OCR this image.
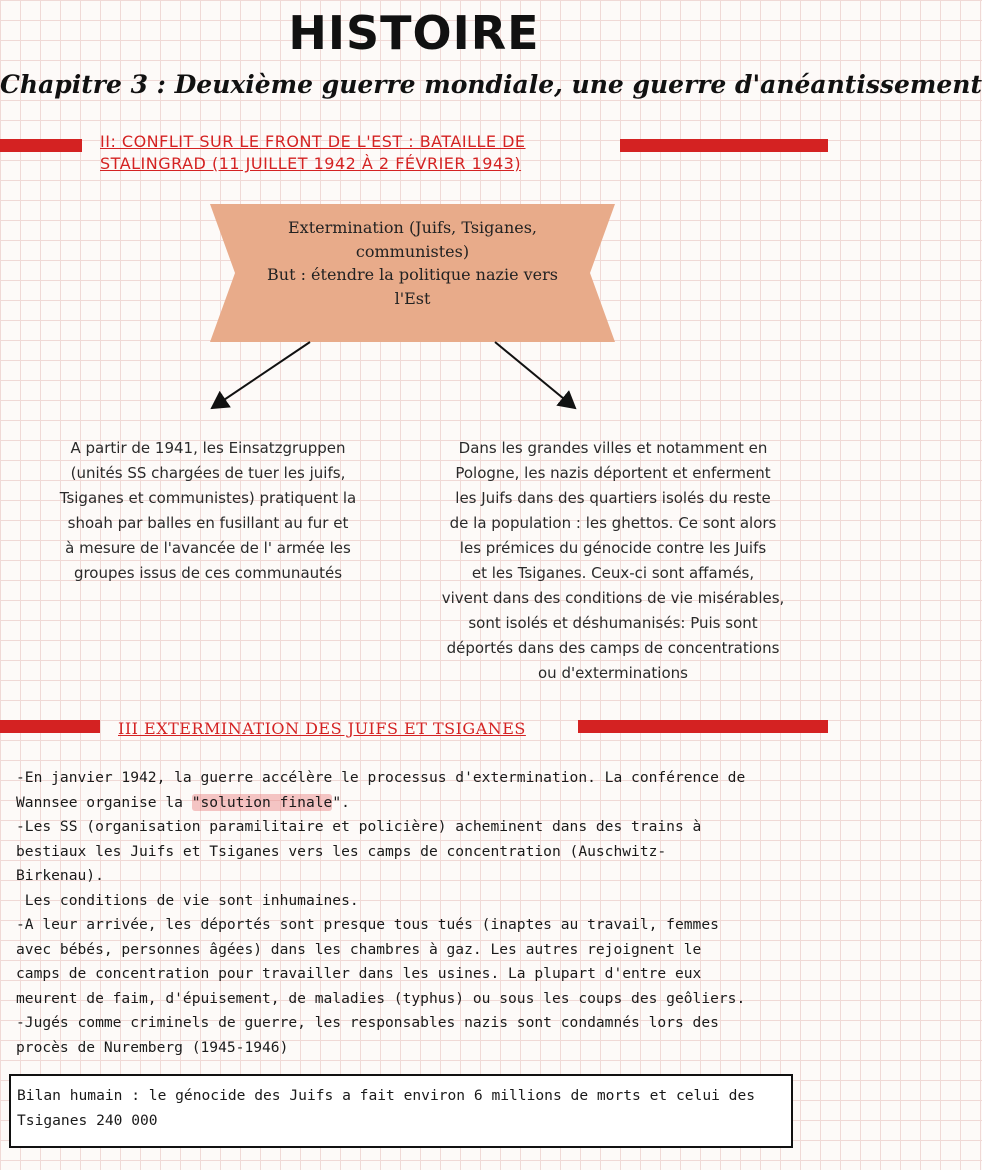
HISTOIRE
Chapitre 3 : Deuxième guerre mondiale, une guerre d'anéantissement
II: CONFLIT SUR LE FRONT DE L'EST : BATAILLE DE
STALINGRAD (11 JUILLET 1942 À 2 FÉVRIER 1943)
Extermination (Juifs, Tsiganes,
communistes)
But : étendre la politique nazie vers
l'Est
A partir de 1941, les Einsatzgruppen
(unités SS chargées de tuer les juifs,
Tsiganes et communistes) pratiquent la
shoah par balles en fusillant au fur et
à mesure de l'avancée de l' armée les
groupes issus de ces communautés
Dans les grandes villes et notamment en
Pologne, les nazis déportent et enferment
les Juifs dans des quartiers isolés du reste
de la population : les ghettos. Ce sont alors
les prémices du génocide contre les Juifs
et les Tsiganes. Ceux-ci sont affamés,
vivent dans des conditions de vie misérables,
sont isolés et déshumanisés: Puis sont
déportés dans des camps de concentrations
ou d'exterminations
III EXTERMINATION DES JUIFS ET TSIGANES

-En janvier 1942, la guerre accélère le processus d'extermination. La conférence de

Wannsee organise la "solution finale".

-Les SS (organisation paramilitaire et policière) acheminent dans des trains à

bestiaux les Juifs et Tsiganes vers les camps de concentration (Auschwitz-

Birkenau).

Les conditions de vie sont inhumaines.

-A leur arrivée, les déportés sont presque tous tués (inaptes au travail, femmes

avec bébés, personnes âgées) dans les chambres à gaz. Les autres rejoignent le

camps de concentration pour travailler dans les usines. La plupart d'entre eux

meurent de faim, d'épuisement, de maladies (typhus) ou sous les coups des geôliers.

-Jugés comme criminels de guerre, les responsables nazis sont condamnés lors des

procès de Nuremberg (1945-1946)

Bilan humain : le génocide des Juifs a fait environ 6 millions de morts et celui des

Tsiganes 240 000
